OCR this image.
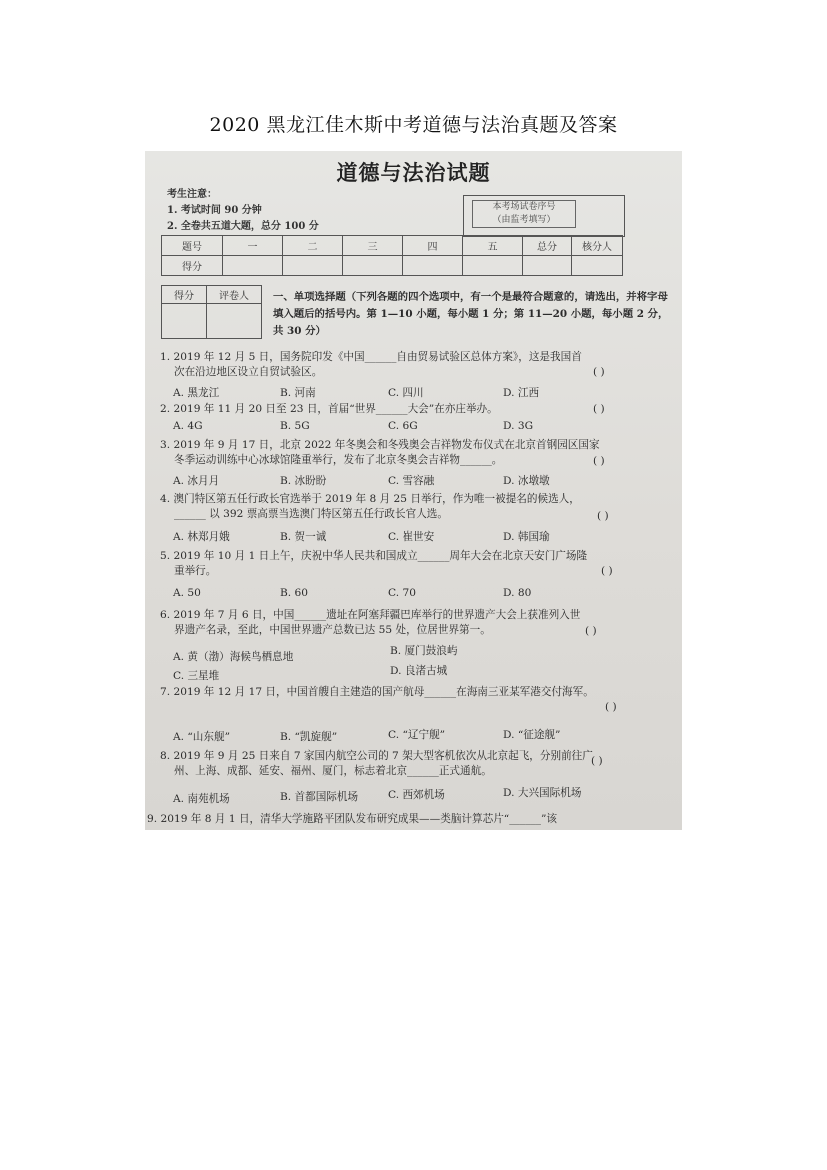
2020 黑龙江佳木斯中考道德与法治真题及答案
道德与法治试题
考生注意：
1. 考试时间 90 分钟
2. 全卷共五道大题，总分 100 分
本考场试卷序号
（由监考填写）
题号	一	二	三	四	五	总分	核分人
得分							
得分	评卷人
	一、单项选择题（下列各题的四个选项中，有一个是最符合题意的，请选出，并将字母填入题后的括号内。第 1—10 小题，每小题 1 分；第 11—20 小题，每小题 2 分，共 30 分）
1. 2019 年 12 月 5 日，国务院印发《中国______自由贸易试验区总体方案》，这是我国首
次在沿边地区设立自贸试验区。	( )
A. 黑龙江	B. 河南	C. 四川	D. 江西
2. 2019 年 11 月 20 日至 23 日，首届“世界______大会”在亦庄举办。	( )
A. 4G	B. 5G	C. 6G	D. 3G
3. 2019 年 9 月 17 日，北京 2022 年冬奥会和冬残奥会吉祥物发布仪式在北京首钢园区国家
冬季运动训练中心冰球馆隆重举行，发布了北京冬奥会吉祥物______。	( )
A. 冰月月	B. 冰盼盼	C. 雪容融	D. 冰墩墩
4. 澳门特区第五任行政长官选举于 2019 年 8 月 25 日举行，作为唯一被提名的候选人，
______ 以 392 票高票当选澳门特区第五任行政长官人选。	( )
A. 林郑月娥	B. 贺一诚	C. 崔世安	D. 韩国瑜
5. 2019 年 10 月 1 日上午，庆祝中华人民共和国成立______周年大会在北京天安门广场隆
重举行。	( )
A. 50	B. 60	C. 70	D. 80
6. 2019 年 7 月 6 日，中国______遗址在阿塞拜疆巴库举行的世界遗产大会上获准列入世
界遗产名录，至此，中国世界遗产总数已达 55 处，位居世界第一。	( )
A. 黄（渤）海候鸟栖息地	B. 厦门鼓浪屿
C. 三星堆	D. 良渚古城
7. 2019 年 12 月 17 日，中国首艘自主建造的国产航母______在海南三亚某军港交付海军。
( )
A. “山东舰”	B. “凯旋舰”	C. “辽宁舰”	D. “征途舰”
8. 2019 年 9 月 25 日来自 7 家国内航空公司的 7 架大型客机依次从北京起飞，分别前往广
州、上海、成都、延安、福州、厦门，标志着北京______正式通航。
( )
A. 南苑机场	B. 首都国际机场	C. 西郊机场	D. 大兴国际机场
9. 2019 年 8 月 1 日，清华大学施路平团队发布研究成果——类脑计算芯片“______”该
